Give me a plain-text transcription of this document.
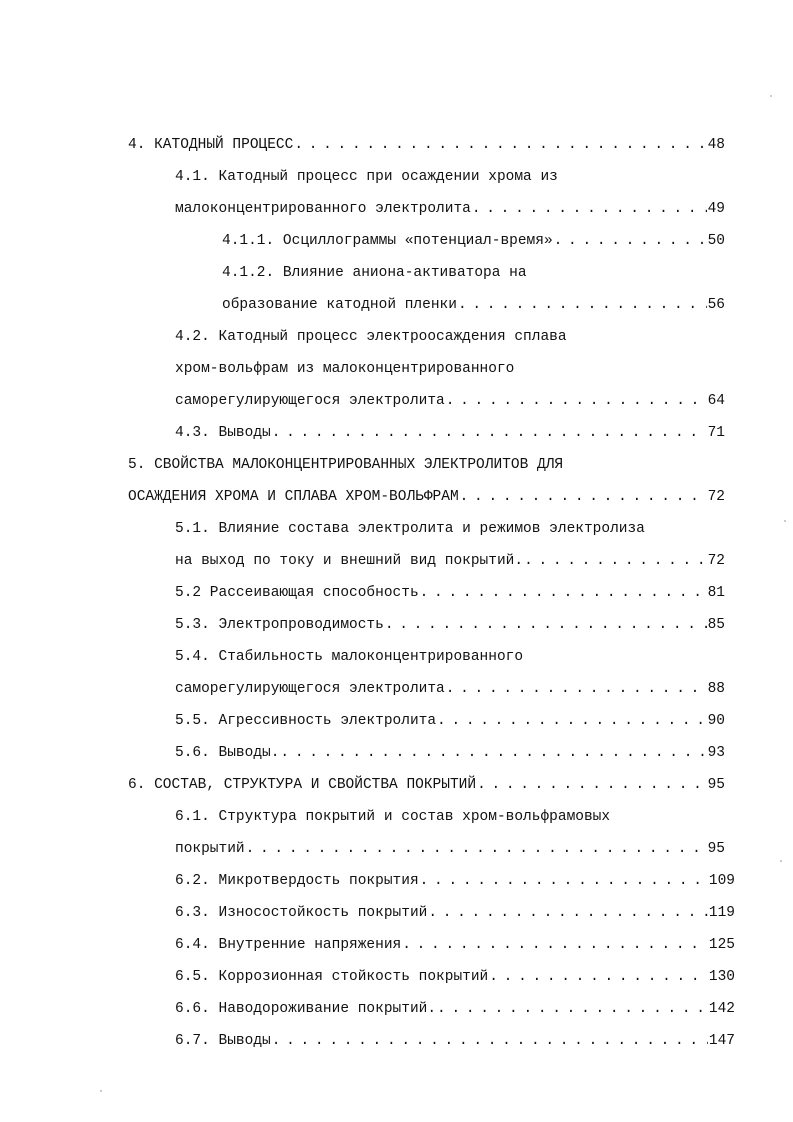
4. КАТОДНЫЙ ПРОЦЕСС . . .	48
4.1. Катодный процесс при осаждении хрома из
малоконцентрированного электролита . . .	49
4.1.1. Осциллограммы «потенциал-время» . . .	50
4.1.2. Влияние аниона-активатора на
образование катодной пленки . . .	56
4.2. Катодный процесс электроосаждения сплава
хром-вольфрам из малоконцентрированного
саморегулирующегося электролита . . .	64
4.3. Выводы . . .	71
5. СВОЙСТВА МАЛОКОНЦЕНТРИРОВАННЫХ ЭЛЕКТРОЛИТОВ ДЛЯ
ОСАЖДЕНИЯ ХРОМА И СПЛАВА ХРОМ-ВОЛЬФРАМ . . .	72
5.1. Влияние состава электролита и режимов электролиза
на выход по току и внешний вид покрытий. . . .	72
5.2 Рассеивающая способность . . .	81
5.3. Электропроводимость . . .	85
5.4. Стабильность малоконцентрированного
саморегулирующегося электролита . . .	88
5.5. Агрессивность электролита . . .	90
5.6. Выводы. . . .	93
6. СОСТАВ, СТРУКТУРА И СВОЙСТВА ПОКРЫТИЙ . . .	95
6.1. Структура покрытий и состав хром-вольфрамовых
покрытий . . .	95
6.2. Микротвердость покрытия . . .	109
6.3. Износостойкость покрытий . . .	119
6.4. Внутренние напряжения . . .	125
6.5. Коррозионная стойкость покрытий . . .	130
6.6. Наводороживание покрытий. . . .	142
6.7. Выводы . . .	147
